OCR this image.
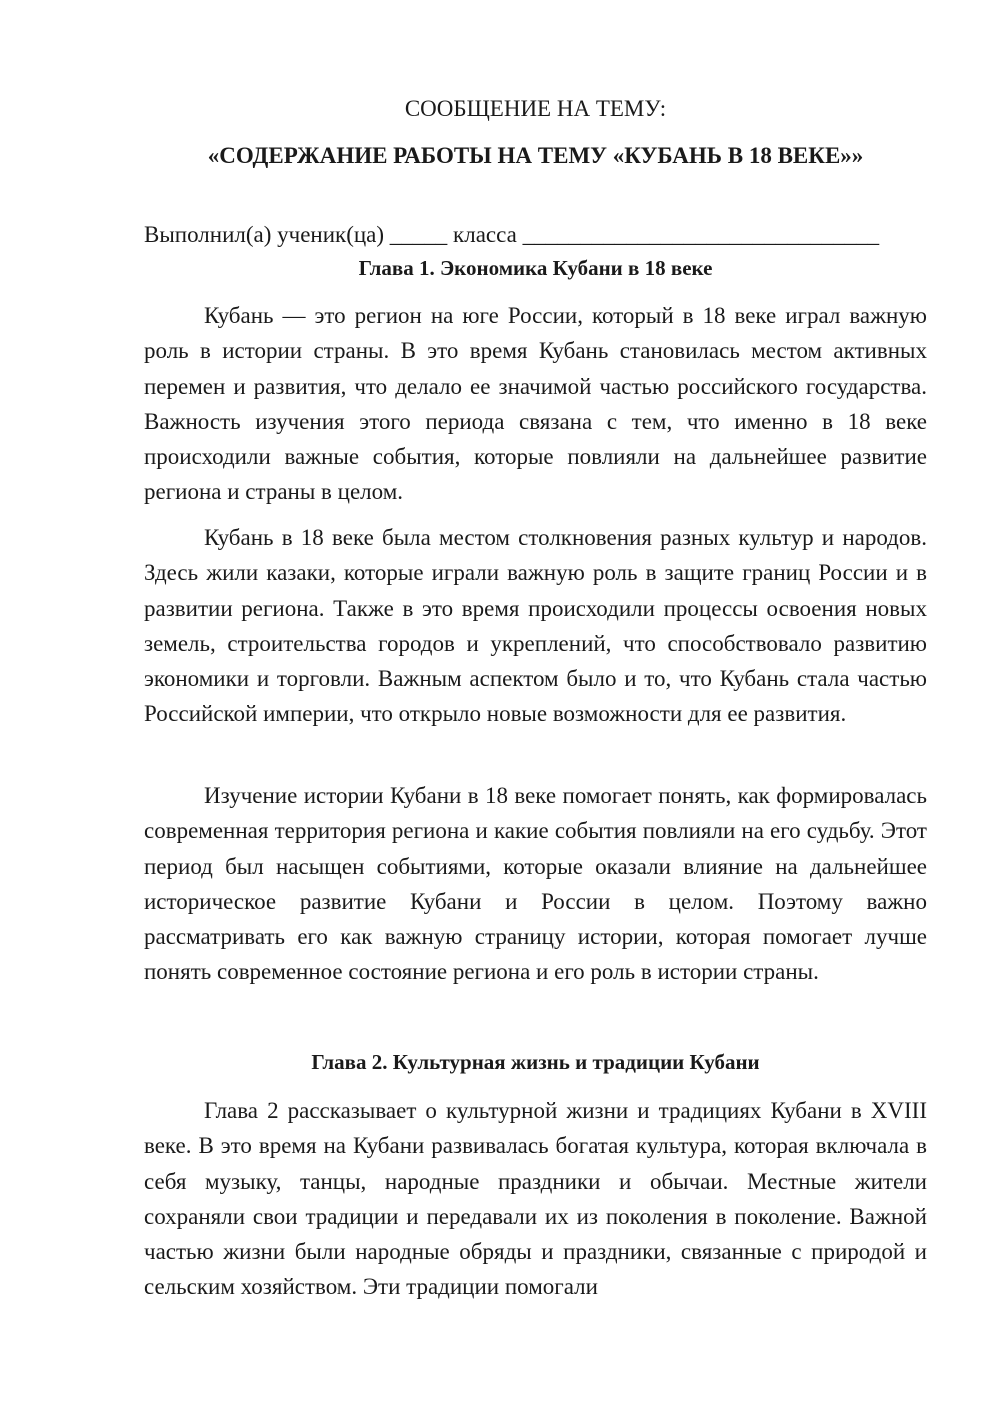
СООБЩЕНИЕ НА ТЕМУ:

«СОДЕРЖАНИЕ РАБОТЫ НА ТЕМУ «КУБАНЬ В 18 ВЕКЕ»»

Выполнил(а) ученик(ца) _____ класса _______________________________

Глава 1. Экономика Кубани в 18 веке

Кубань — это регион на юге России, который в 18 веке играл важную роль в истории страны. В это время Кубань становилась местом активных перемен и развития, что делало ее значимой частью российского государства. Важность изучения этого периода связана с тем, что именно в 18 веке происходили важные события, которые повлияли на дальнейшее развитие региона и страны в целом.

Кубань в 18 веке была местом столкновения разных культур и народов. Здесь жили казаки, которые играли важную роль в защите границ России и в развитии региона. Также в это время происходили процессы освоения новых земель, строительства городов и укреплений, что способствовало развитию экономики и торговли. Важным аспектом было и то, что Кубань стала частью Российской империи, что открыло новые возможности для ее развития.

Изучение истории Кубани в 18 веке помогает понять, как формировалась современная территория региона и какие события повлияли на его судьбу. Этот период был насыщен событиями, которые оказали влияние на дальнейшее историческое развитие Кубани и России в целом. Поэтому важно рассматривать его как важную страницу истории, которая помогает лучше понять современное состояние региона и его роль в истории страны.

Глава 2. Культурная жизнь и традиции Кубани

Глава 2 рассказывает о культурной жизни и традициях Кубани в XVIII веке. В это время на Кубани развивалась богатая культура, которая включала в себя музыку, танцы, народные праздники и обычаи. Местные жители сохраняли свои традиции и передавали их из поколения в поколение. Важной частью жизни были народные обряды и праздники, связанные с природой и сельским хозяйством. Эти традиции помогали
